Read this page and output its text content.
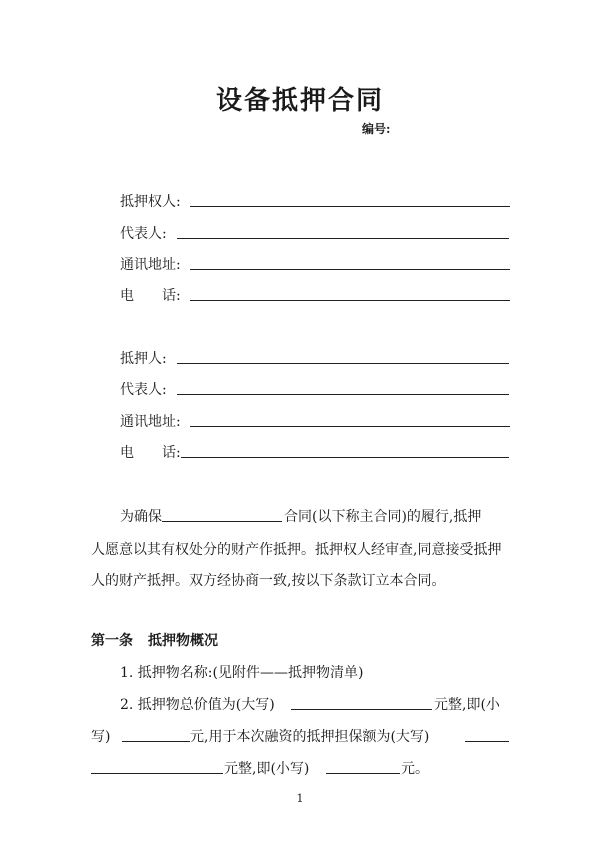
设备抵押合同
编号:
抵押权人:
代表人:
通讯地址:
电　　话:
抵押人:
代表人:
通讯地址:
电　　话:
为确保	合同(以下称主合同)的履行,抵押
人愿意以其有权处分的财产作抵押。抵押权人经审查,同意接受抵押
人的财产抵押。双方经协商一致,按以下条款订立本合同。
第一条 抵押物概况
1. 抵押物名称:(见附件——抵押物清单)
2. 抵押物总价值为(大写)	元整,即(小
写)	元,用于本次融资的抵押担保额为(大写)
元整,即(小写)	元。
1
